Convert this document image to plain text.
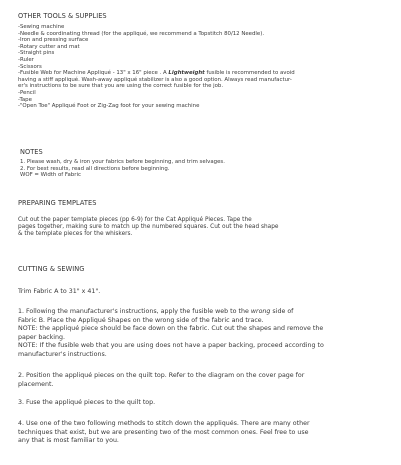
OTHER TOOLS & SUPPLIES
-Sewing machine
-Needle & coordinating thread (for the appliqué, we recommend a Topstitch 80/12 Needle).
-Iron and pressing surface
-Rotary cutter and mat
-Straight pins
-Ruler
-Scissors
-Fusible Web for Machine Appliqué - 13" x 16" piece . A Lightweight fusible is recommended to avoid
having a stiff appliqué. Wash-away appliqué stabilizer is also a good option. Always read manufactur-
er's instructions to be sure that you are using the correct fusible for the job.
-Pencil
-Tape
-"Open Toe" Appliqué Foot or Zig-Zag foot for your sewing machine
NOTES
1. Please wash, dry & iron your fabrics before beginning, and trim selvages.
2. For best results, read all directions before beginning.
WOF = Width of Fabric
PREPARING TEMPLATES
Cut out the paper template pieces (pp 6-9) for the Cat Appliqué Pieces. Tape the
pages together, making sure to match up the numbered squares. Cut out the head shape
& the template pieces for the whiskers.
CUTTING & SEWING
Trim Fabric A to 31" x 41".
1. Following the manufacturer's instructions, apply the fusible web to the wrong side of
Fabric B. Place the Appliqué Shapes on the wrong side of the fabric and trace.
NOTE: the appliqué piece should be face down on the fabric. Cut out the shapes and remove the
paper backing.
NOTE: If the fusible web that you are using does not have a paper backing, proceed according to
manufacturer's instructions.
2. Position the appliqué pieces on the quilt top. Refer to the diagram on the cover page for
placement.
3. Fuse the appliqué pieces to the quilt top.
4. Use one of the two following methods to stitch down the appliqués. There are many other
techniques that exist, but we are presenting two of the most common ones. Feel free to use
any that is most familiar to you.
